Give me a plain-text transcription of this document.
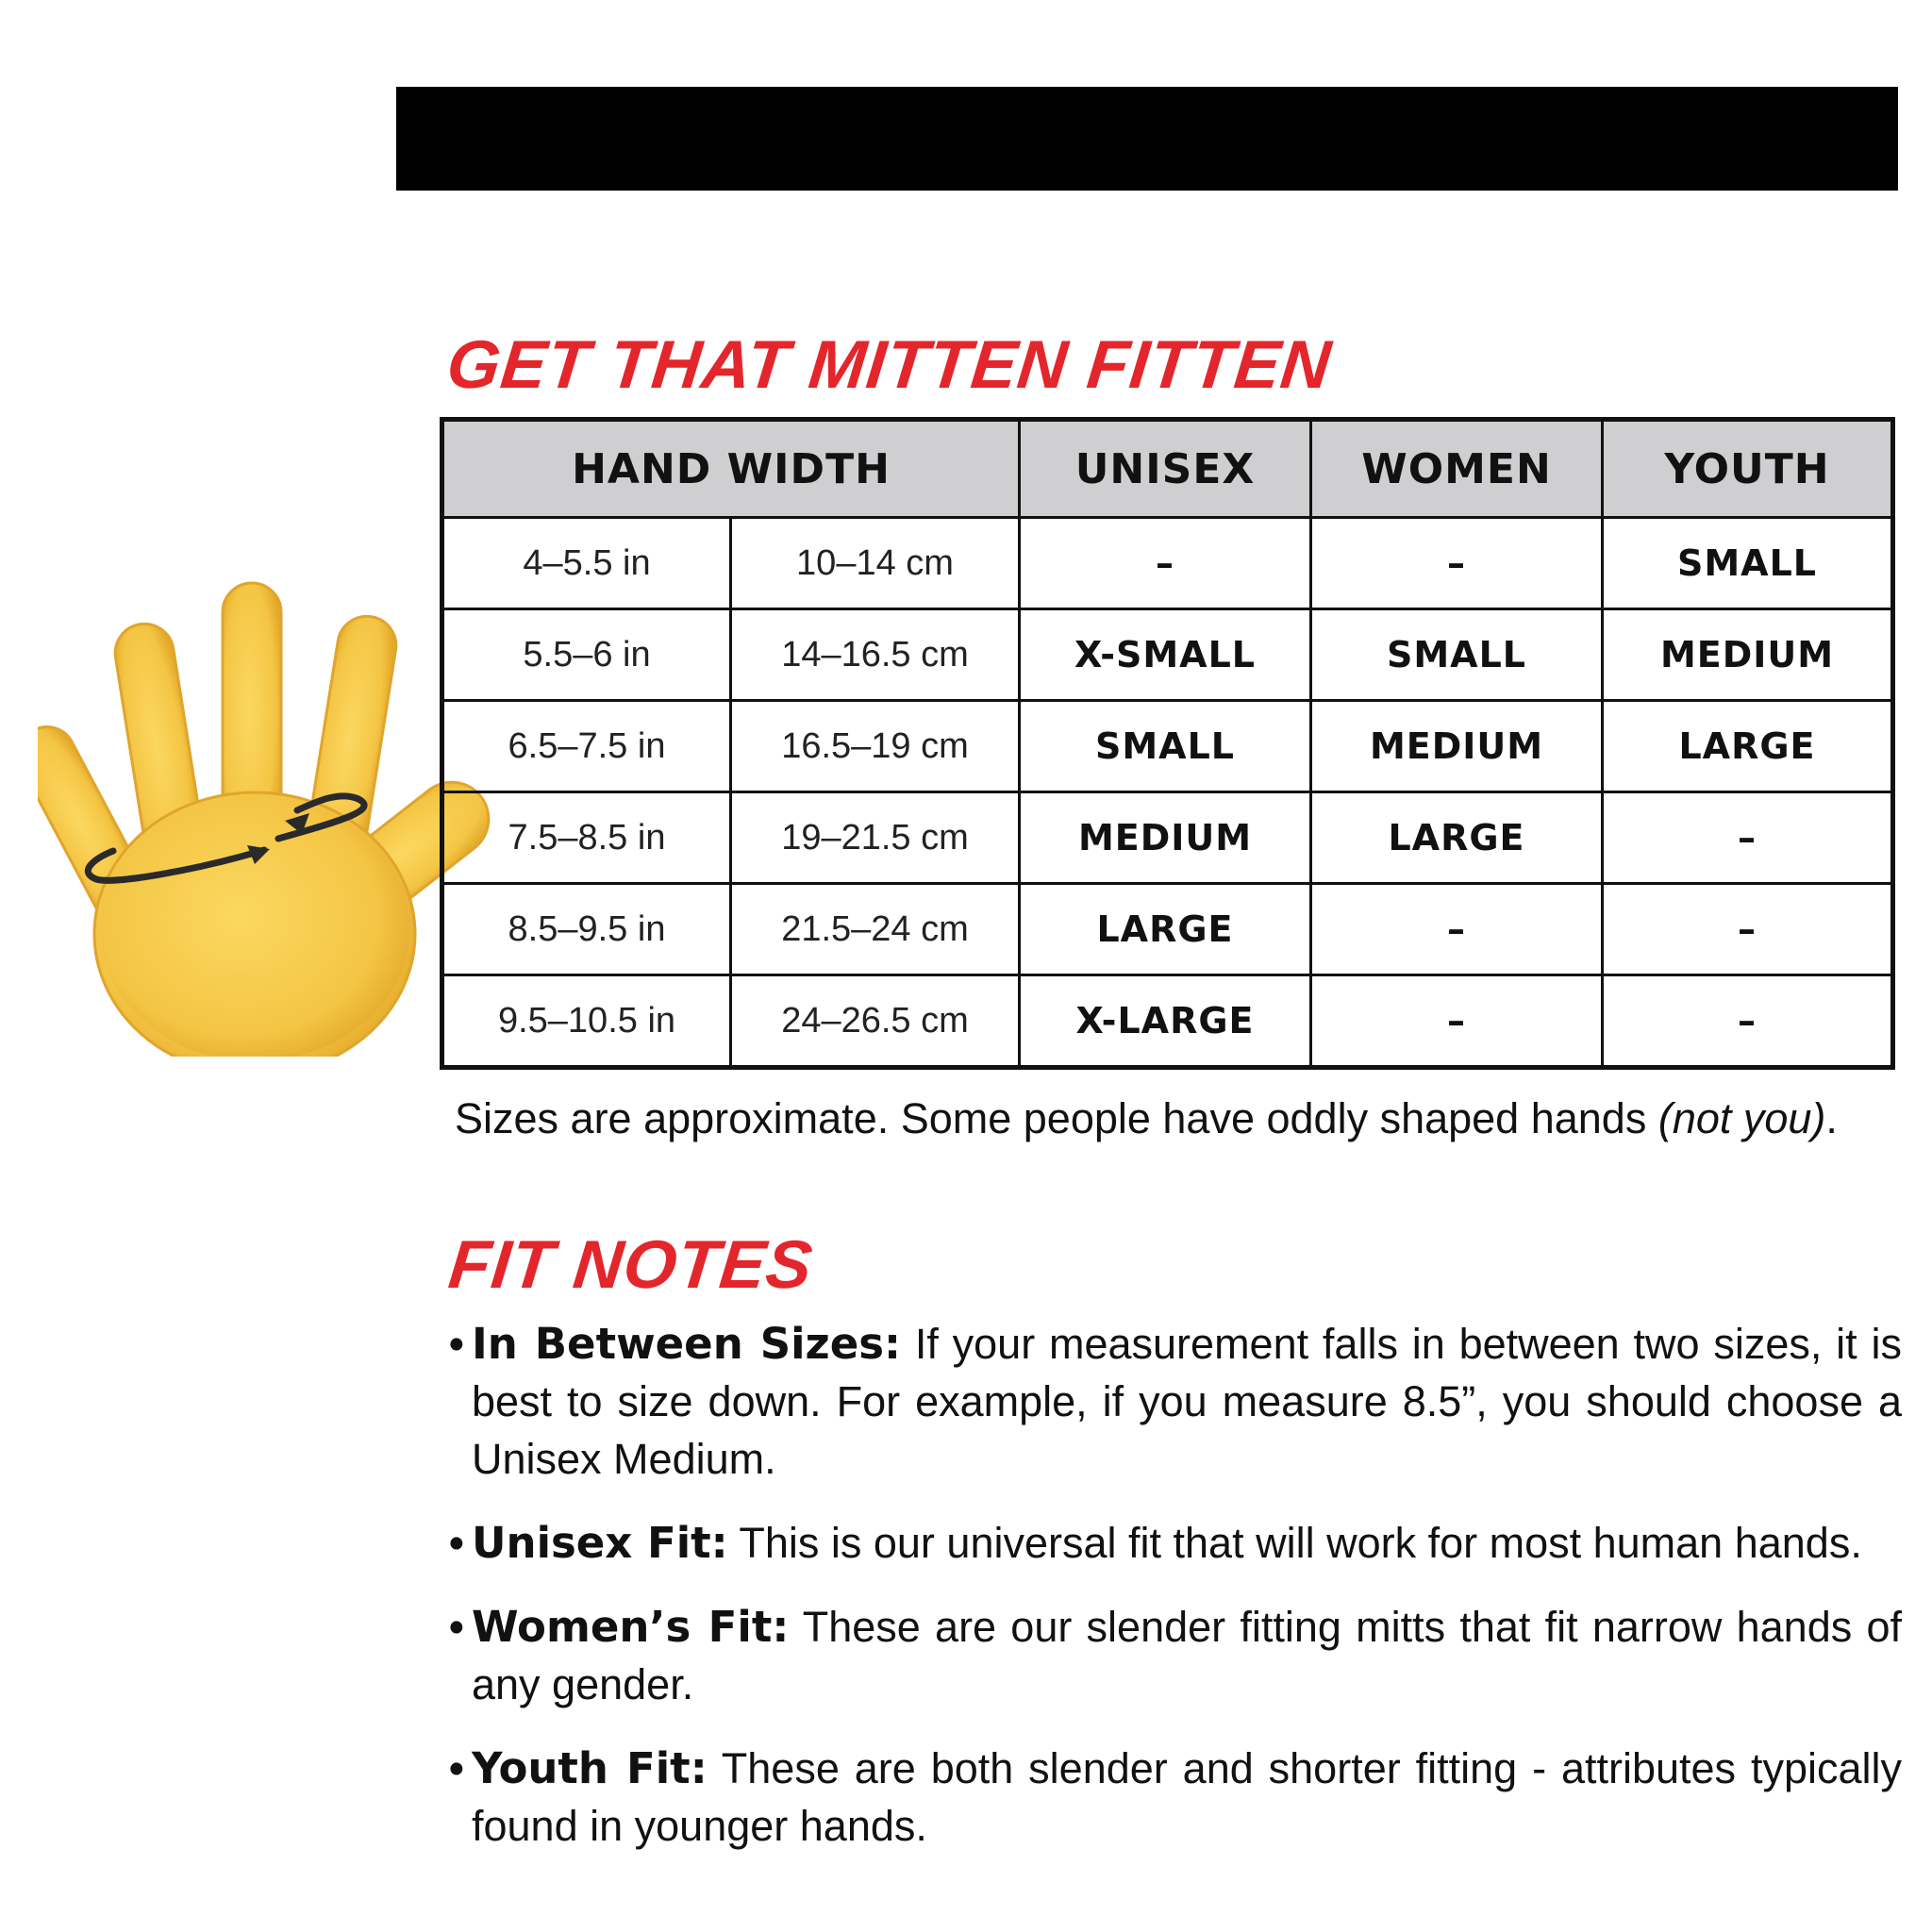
GET THAT MITTEN FITTEN
HAND WIDTH		UNISEX	WOMEN	YOUTH
4–5.5 in	10–14 cm	–	–	SMALL
5.5–6 in	14–16.5 cm	X-SMALL	SMALL	MEDIUM
6.5–7.5 in	16.5–19 cm	SMALL	MEDIUM	LARGE
7.5–8.5 in	19–21.5 cm	MEDIUM	LARGE	–
8.5–9.5 in	21.5–24 cm	LARGE	–	–
9.5–10.5 in	24–26.5 cm	X-LARGE	–	–

Sizes are approximate. Some people have oddly shaped hands (not you).

FIT NOTES
• In Between Sizes: If your measurement falls in between two sizes, it is best to size down. For example, if you measure 8.5”, you should choose a Unisex Medium.
• Unisex Fit: This is our universal fit that will work for most human hands.
• Women’s Fit: These are our slender fitting mitts that fit narrow hands of any gender.
• Youth Fit: These are both slender and shorter fitting - attributes typically found in younger hands.
